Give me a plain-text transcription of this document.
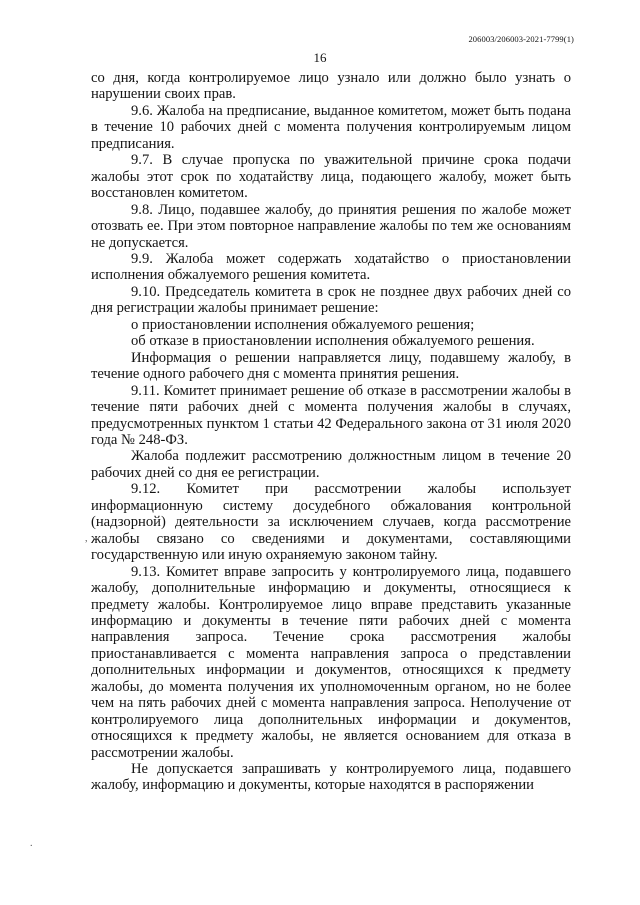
206003/206003-2021-7799(1)
16

со дня, когда контролируемое лицо узнало или должно было узнать о нарушении своих прав.

9.6. Жалоба на предписание, выданное комитетом, может быть подана в течение 10 рабочих дней с момента получения контролируемым лицом предписания.

9.7. В случае пропуска по уважительной причине срока подачи жалобы этот срок по ходатайству лица, подающего жалобу, может быть восстановлен комитетом.

9.8. Лицо, подавшее жалобу, до принятия решения по жалобе может отозвать ее. При этом повторное направление жалобы по тем же основаниям не допускается.

9.9. Жалоба может содержать ходатайство о приостановлении исполнения обжалуемого решения комитета.

9.10. Председатель комитета в срок не позднее двух рабочих дней со дня регистрации жалобы принимает решение:

о приостановлении исполнения обжалуемого решения;

об отказе в приостановлении исполнения обжалуемого решения.

Информация о решении направляется лицу, подавшему жалобу, в течение одного рабочего дня с момента принятия решения.

9.11. Комитет принимает решение об отказе в рассмотрении жалобы в течение пяти рабочих дней с момента получения жалобы в случаях, предусмотренных пунктом 1 статьи 42 Федерального закона от 31 июля 2020 года № 248-ФЗ.

Жалоба подлежит рассмотрению должностным лицом в течение 20 рабочих дней со дня ее регистрации.

9.12. Комитет при рассмотрении жалобы использует информационную систему досудебного обжалования контрольной (надзорной) деятельности за исключением случаев, когда рассмотрение жалобы связано со сведениями и документами, составляющими государственную или иную охраняемую законом тайну.

9.13. Комитет вправе запросить у контролируемого лица, подавшего жалобу, дополнительные информацию и документы, относящиеся к предмету жалобы. Контролируемое лицо вправе представить указанные информацию и документы в течение пяти рабочих дней с момента направления запроса. Течение срока рассмотрения жалобы приостанавливается с момента направления запроса о представлении дополнительных информации и документов, относящихся к предмету жалобы, до момента получения их уполномоченным органом, но не более чем на пять рабочих дней с момента направления запроса. Неполучение от контролируемого лица дополнительных информации и документов, относящихся к предмету жалобы, не является основанием для отказа в рассмотрении жалобы.

Не допускается запрашивать у контролируемого лица, подавшего жалобу, информацию и документы, которые находятся в распоряжении

,
.
